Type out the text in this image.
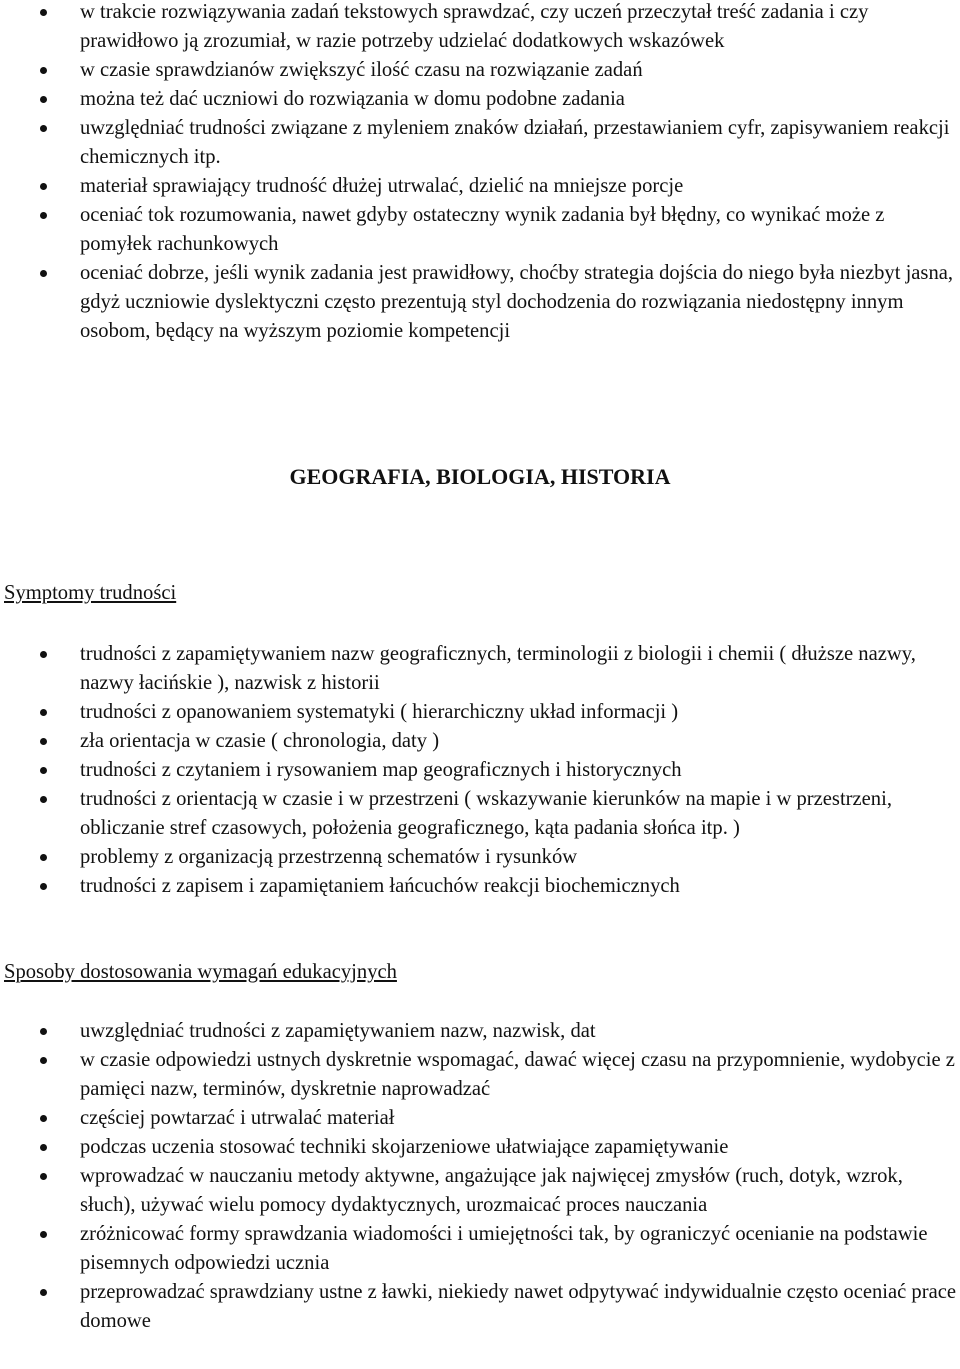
w trakcie rozwiązywania zadań tekstowych sprawdzać, czy uczeń przeczytał treść zadania i czy prawidłowo ją zrozumiał, w razie potrzeby udzielać dodatkowych wskazówek
w czasie sprawdzianów zwiększyć ilość czasu na rozwiązanie zadań
można też dać uczniowi do rozwiązania w domu podobne zadania
uwzględniać trudności związane z myleniem znaków działań, przestawianiem cyfr, zapisywaniem reakcji chemicznych itp.
materiał sprawiający trudność dłużej utrwalać, dzielić na mniejsze porcje
oceniać tok rozumowania, nawet gdyby ostateczny wynik zadania był błędny, co wynikać może z pomyłek rachunkowych
oceniać dobrze, jeśli wynik zadania jest prawidłowy, choćby strategia dojścia do niego była niezbyt jasna, gdyż uczniowie dyslektyczni często prezentują styl dochodzenia do rozwiązania niedostępny innym osobom, będący na wyższym poziomie kompetencji
GEOGRAFIA, BIOLOGIA, HISTORIA
Symptomy trudności
trudności z zapamiętywaniem nazw geograficznych, terminologii z biologii i chemii ( dłuższe nazwy, nazwy łacińskie ), nazwisk z historii
trudności z opanowaniem systematyki ( hierarchiczny układ informacji )
zła orientacja w czasie ( chronologia, daty )
trudności z czytaniem i rysowaniem map geograficznych i historycznych
trudności z orientacją w czasie i w przestrzeni ( wskazywanie kierunków na mapie i w przestrzeni, obliczanie stref czasowych, położenia geograficznego, kąta padania słońca itp. )
problemy z organizacją przestrzenną schematów i rysunków
trudności z zapisem i zapamiętaniem łańcuchów reakcji biochemicznych
Sposoby dostosowania wymagań edukacyjnych
uwzględniać trudności z zapamiętywaniem nazw, nazwisk, dat
w czasie odpowiedzi ustnych dyskretnie wspomagać, dawać więcej czasu na przypomnienie, wydobycie z pamięci nazw, terminów, dyskretnie naprowadzać
częściej powtarzać i utrwalać materiał
podczas uczenia stosować techniki skojarzeniowe ułatwiające zapamiętywanie
wprowadzać w nauczaniu metody aktywne, angażujące jak najwięcej zmysłów (ruch, dotyk, wzrok, słuch), używać wielu pomocy dydaktycznych, urozmaicać proces nauczania
zróżnicować formy sprawdzania wiadomości i umiejętności tak, by ograniczyć ocenianie na podstawie pisemnych odpowiedzi ucznia
przeprowadzać sprawdziany ustne z ławki, niekiedy nawet odpytywać indywidualnie często oceniać prace domowe
